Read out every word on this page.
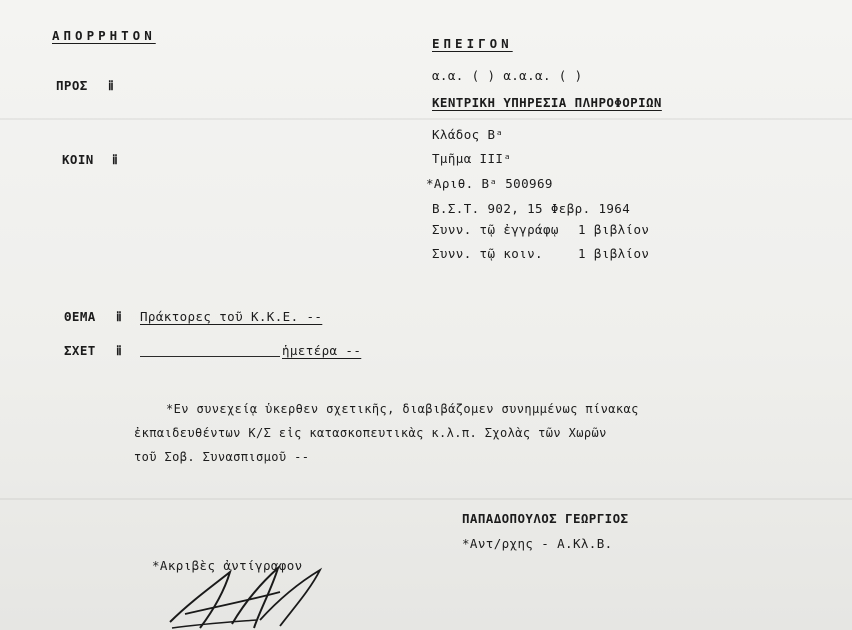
ΑΠΟΡΡΗΤΟΝ
ΕΠΕΙΓΟΝ
ΠΡΟΣ ⅱ
ΚΟΙΝ ⅱ
α.α. ( ) α.α.α. ( )
ΚΕΝΤΡΙΚΗ ΥΠΗΡΕΣΙΑ ΠΛΗΡΟΦΟΡΙΩΝ
Κλάδος Βᵃ
Τμῆμα IIIᵃ
*Αριθ. Bᵃ 500969
Β.Σ.Τ. 902, 15 Φεβρ. 1964
Συνν. τῷ ἐγγράφῳ 1 βιβλίον
Συνν. τῷ κοιν.	1 βιβλίον
ΘΕΜΑ ⅱ Πράκτορες τοῦ Κ.Κ.Ε. --
ΣΧΕΤ ⅱ	ἡμετέρα --
*Εν συνεχείᾳ ὑκερθεν σχετικῆς, διαβιβάζομεν συνημμένως πίνακας
ἐκπαιδευθέντων Κ/Σ εἰς κατασκοπευτικὰς κ.λ.π. Σχολὰς τῶν Χωρῶν
τοῦ Σοβ. Συνασπισμοῦ --
ΠΑΠΑΔΟΠΟΥΛΟΣ ΓΕΩΡΓΙΟΣ
*Αντ/ρχης - Α.Κλ.Β.
*Ακριβὲς ἀντίγραφον
